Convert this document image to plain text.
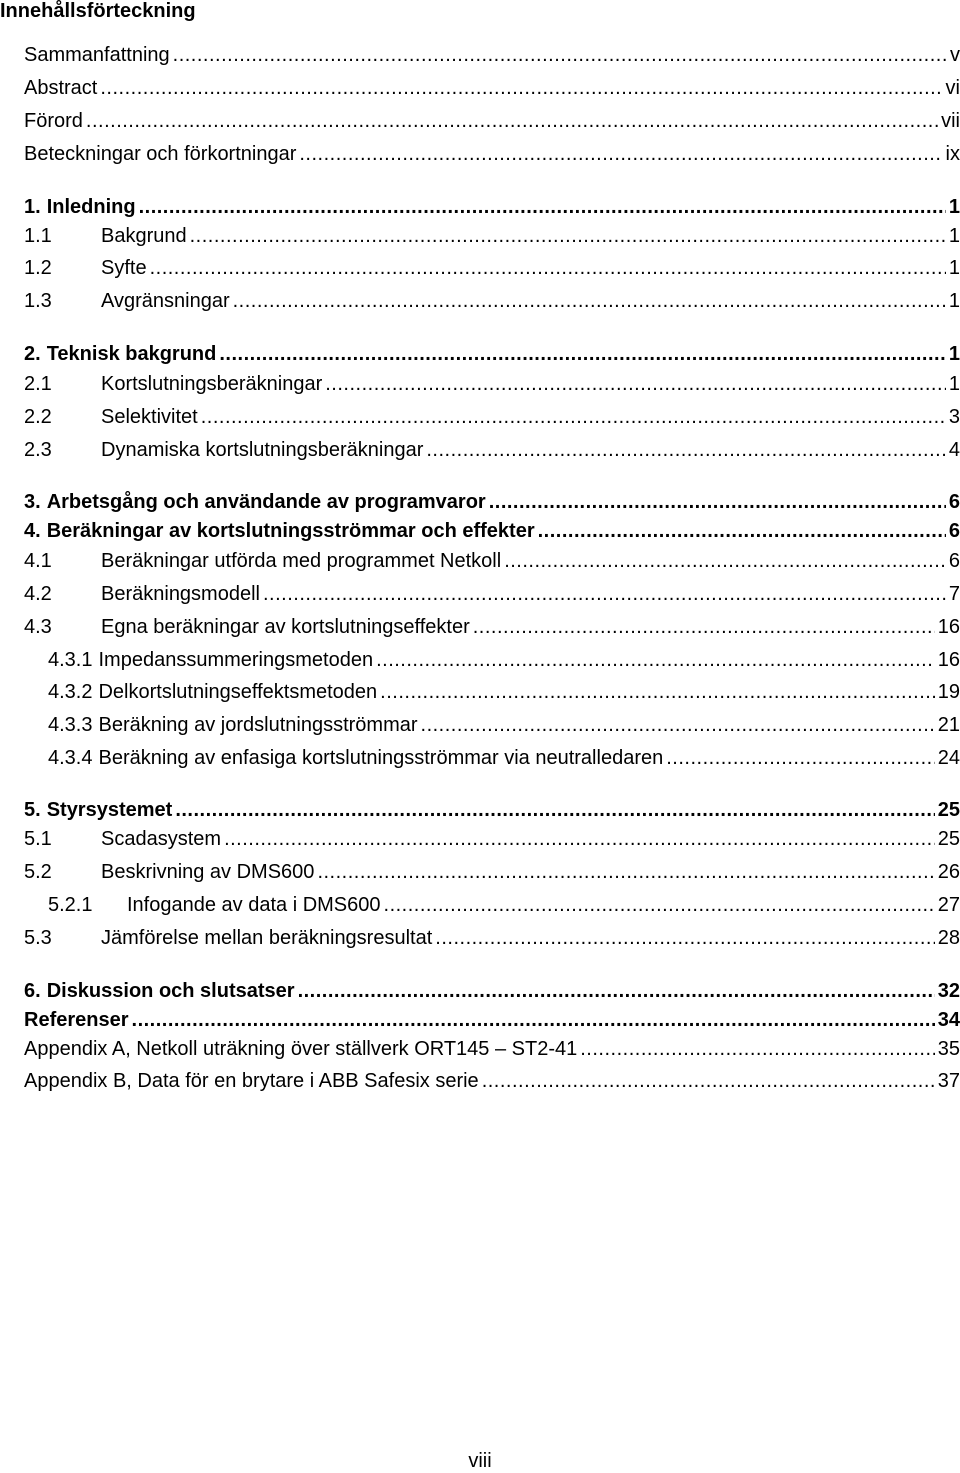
Innehållsförteckning
Sammanfattning .....	v
Abstract .....	vi
Förord .....	vii
Beteckningar och förkortningar .....	ix
1. Inledning .....	1
1.1	Bakgrund .....	1
1.2	Syfte .....	1
1.3	Avgränsningar .....	1
2. Teknisk bakgrund .....	1
2.1	Kortslutningsberäkningar .....	1
2.2	Selektivitet .....	3
2.3	Dynamiska kortslutningsberäkningar .....	4
3. Arbetsgång och användande av programvaror .....	6
4. Beräkningar av kortslutningsströmmar och effekter .....	6
4.1	Beräkningar utförda med programmet Netkoll .....	6
4.2	Beräkningsmodell .....	7
4.3	Egna beräkningar av kortslutningseffekter .....	16
4.3.1 Impedanssummeringsmetoden .....	16
4.3.2 Delkortslutningseffektsmetoden .....	19
4.3.3 Beräkning av jordslutningsströmmar .....	21
4.3.4 Beräkning av enfasiga kortslutningsströmmar via neutralledaren .....	24
5. Styrsystemet .....	25
5.1	Scadasystem .....	25
5.2	Beskrivning av DMS600 .....	26
5.2.1	Infogande av data i DMS600 .....	27
5.3	Jämförelse mellan beräkningsresultat .....	28
6. Diskussion och slutsatser .....	32
Referenser .....	34
Appendix A, Netkoll uträkning över ställverk ORT145 – ST2-41 .....	35
Appendix B, Data för en brytare i ABB Safesix serie .....	37
viii
